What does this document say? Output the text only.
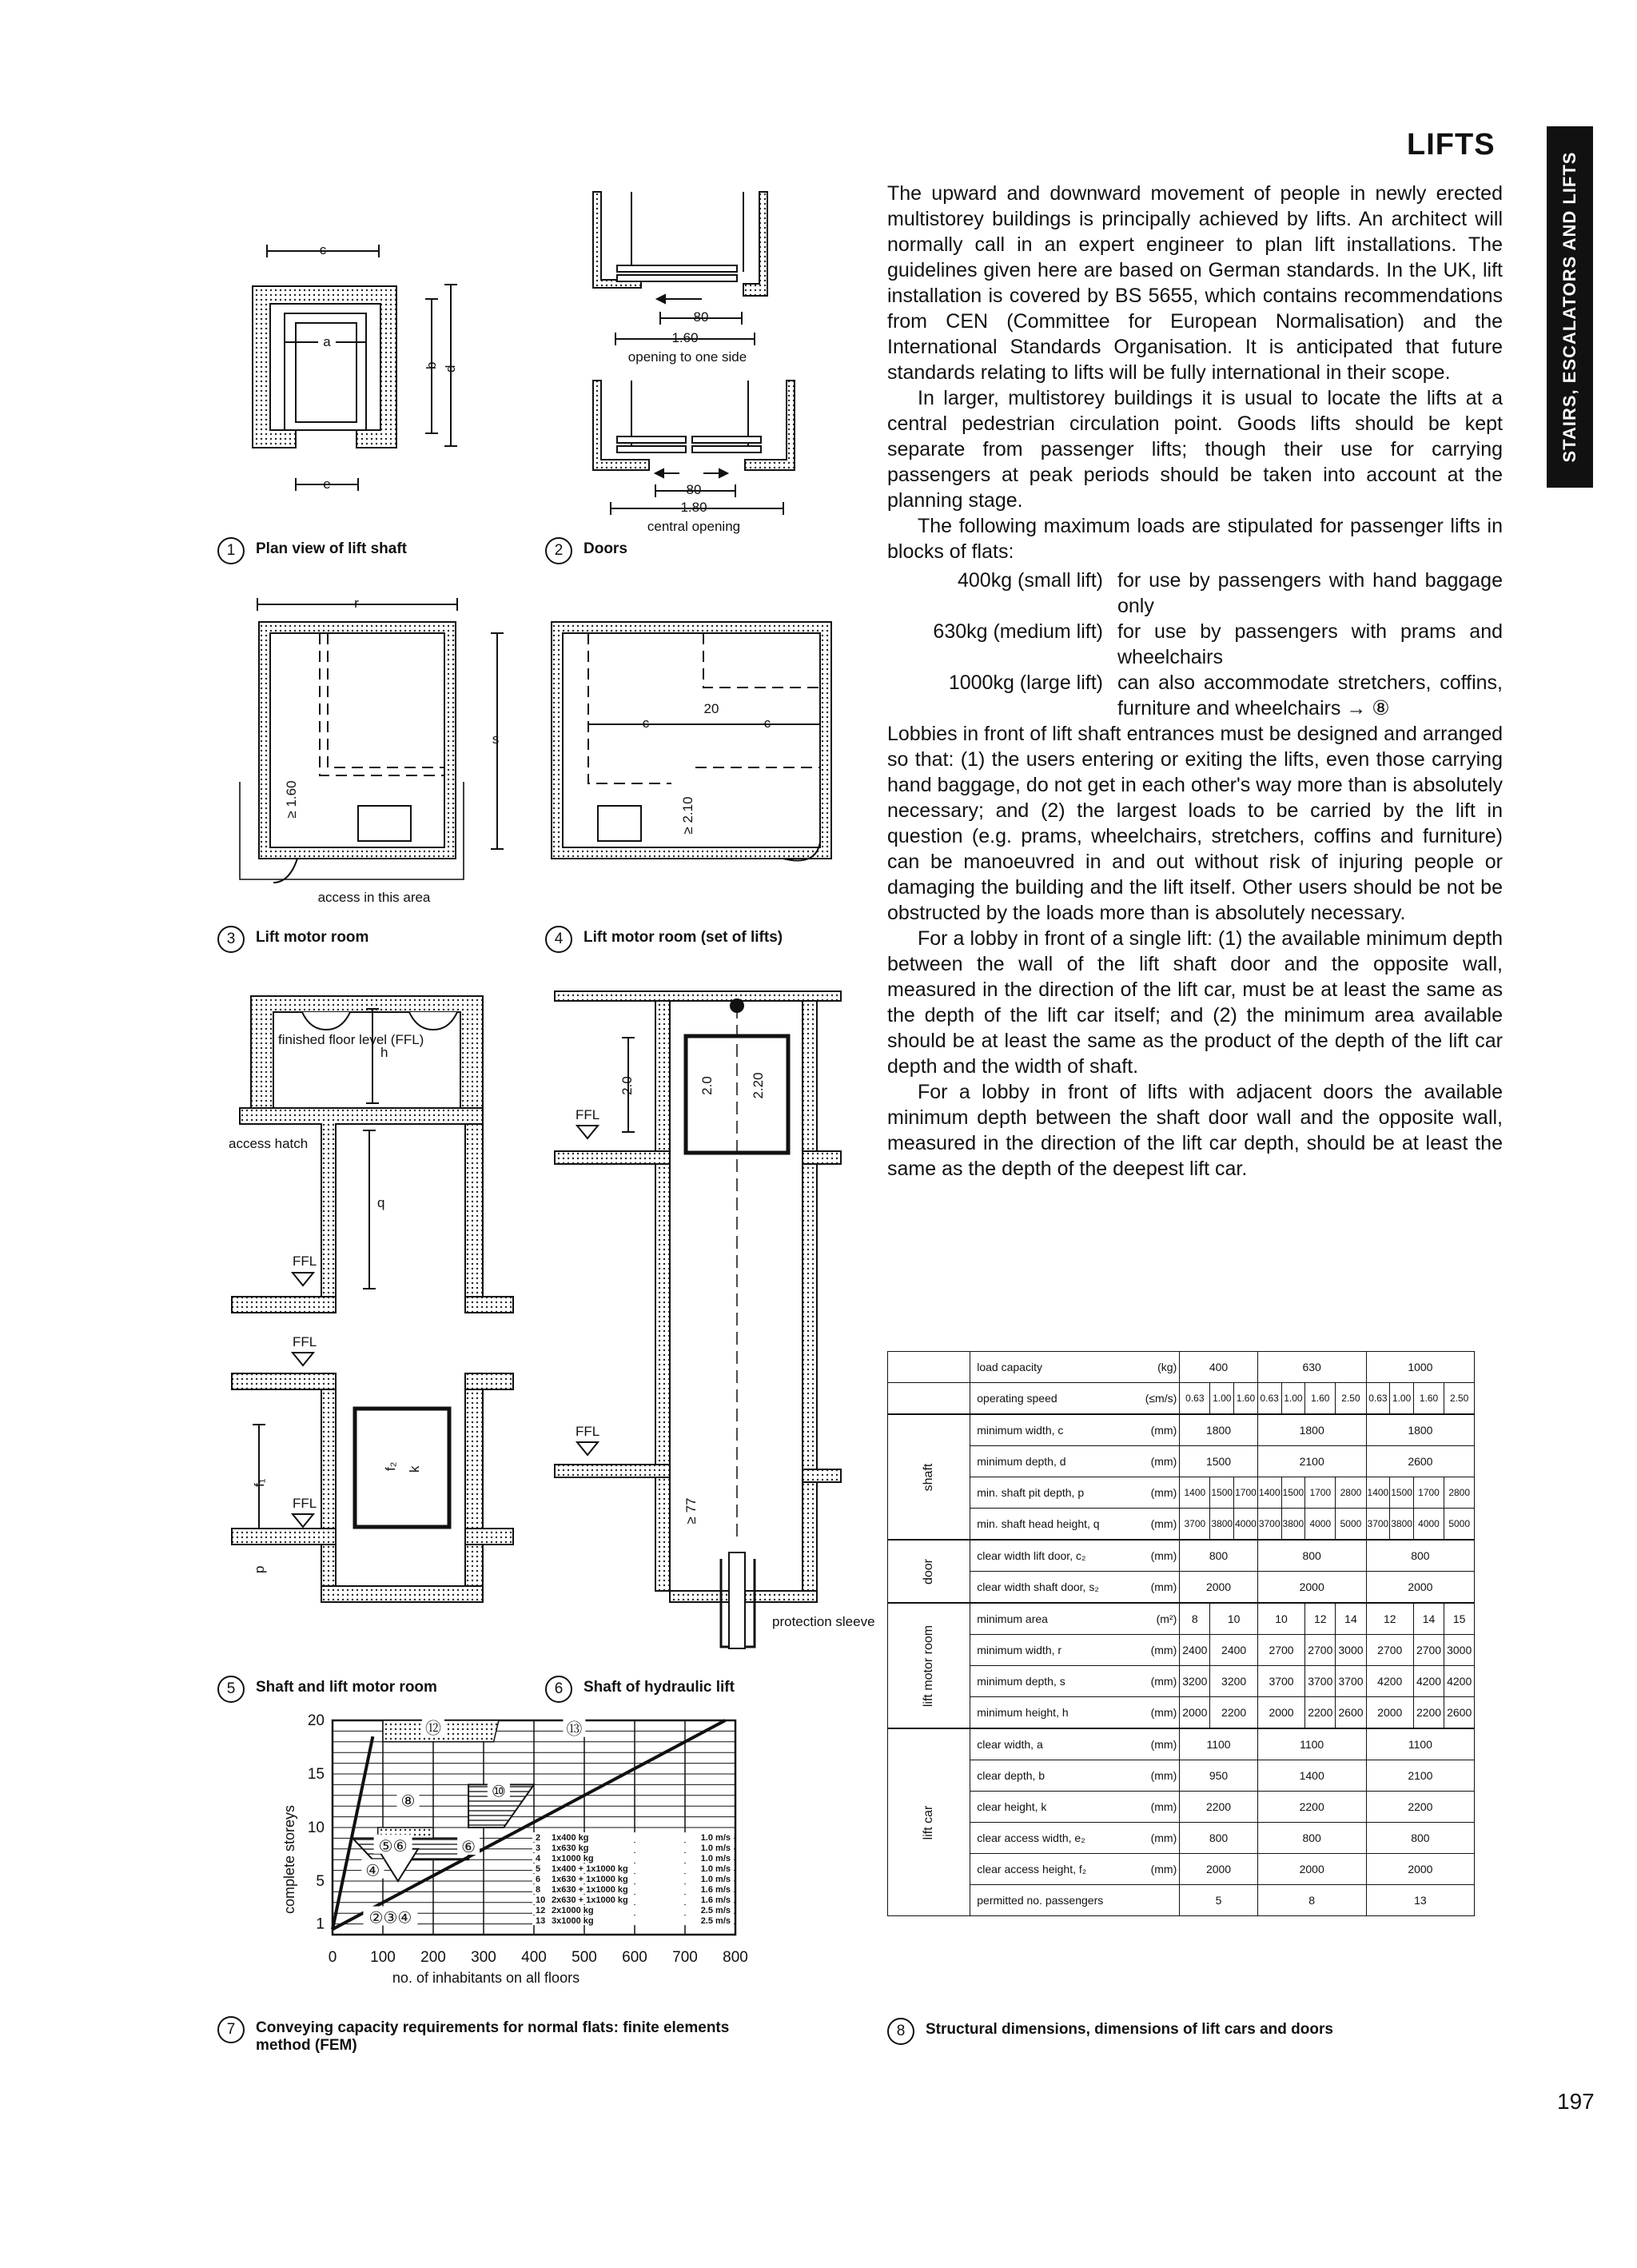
LIFTS
STAIRS, ESCALATORS AND LIFTS

The upward and downward movement of people in newly erected multistorey buildings is principally achieved by lifts. An architect will normally call in an expert engineer to plan lift installations. The guidelines given here are based on German standards. In the UK, lift installation is covered by BS 5655, which contains recommendations from CEN (Committee for European Normalisation) and the International Standards Organisation. It is anticipated that future standards relating to lifts will be fully international in their scope.

In larger, multistorey buildings it is usual to locate the lifts at a central pedestrian circulation point. Goods lifts should be kept separate from passenger lifts; though their use for carrying passengers at peak periods should be taken into account at the planning stage.

The following maximum loads are stipulated for passenger lifts in blocks of flats:

400kg (small lift) for use by passengers with hand baggage only
630kg (medium lift) for use by passengers with prams and wheelchairs
1000kg (large lift) can also accommodate stretchers, coffins, furniture and wheelchairs → ⑧

Lobbies in front of lift shaft entrances must be designed and arranged so that: (1) the users entering or exiting the lifts, even those carrying hand baggage, do not get in each other's way more than is absolutely necessary; and (2) the largest loads to be carried by the lift in question (e.g. prams, wheelchairs, stretchers, coffins and furniture) can be manoeuvred in and out without risk of injuring people or damaging the building and the lift itself. Other users should be not be obstructed by the loads more than is absolutely necessary.

For a lobby in front of a single lift: (1) the available minimum depth between the wall of the lift shaft door and the opposite wall, measured in the direction of the lift car, must be at least the same as the depth of the lift car itself; and (2) the minimum area available should be at least the same as the product of the depth of the lift car depth and the width of shaft.

For a lobby in front of lifts with adjacent doors the available minimum depth between the shaft door wall and the opposite wall, measured in the direction of the lift car depth, should be at least the same as the depth of the deepest lift car.

c
a
b d
e
80
1.60
opening to one side
80
1.80
central opening
r
s
≥ 1.60
access in this area
c	c
20
≥ 2.10
finished floor level (FFL)
h
access hatch
q
FFL
FFL
f₂ k
f₁
FFL
p
2.0	2.0	2.20
FFL
FFL
≥ 77
protection sleeve
0 100 200 300 400 500 600 700 800
1
5
10
15
20
no. of inhabitants on all floors
complete storeys
⑫	⑬
⑩
⑧
⑤⑥	⑥
④
②③④
2 1x400 kg	1.0 m/s
3 1x630 kg	1.0 m/s
4 1x1000 kg	1.0 m/s
5 1x400 + 1x1000 kg	1.0 m/s
6 1x630 + 1x1000 kg	1.0 m/s
8 1x630 + 1x1000 kg	1.6 m/s
10 2x630 + 1x1000 kg	1.6 m/s
12 2x1000 kg	2.5 m/s
13 3x1000 kg	2.5 m/s
1	Plan view of lift shaft	2	Doors
3	Lift motor room	4	Lift motor room (set of lifts)
5	Shaft and lift motor room	6	Shaft of hydraulic lift
7	Conveying capacity requirements for normal flats: finite elements method (FEM)
	load capacity (kg)	400			630				1000			
	operating speed (≤m/s)	0.63	1.00	1.60	0.63	1.00	1.60	2.50	0.63	1.00	1.60	2.50

shaft	minimum width, c (mm)	1800			1800				1800			
	minimum depth, d (mm)	1500			2100				2600			
	min. shaft pit depth, p (mm)	1400	1500	1700	1400	1500	1700	2800	1400	1500	1700	2800
	min. shaft head height, q (mm)	3700	3800	4000	3700	3800	4000	5000	3700	3800	4000	5000

door	clear width lift door, c₂ (mm)	800			800				800			
	clear width shaft door, s₂ (mm)	2000			2000				2000			

lift motor room	minimum area (m²)	8	10		10		12	14	12		14	15
	minimum width, r (mm)	2400	2400		2700		2700	3000	2700		2700	3000
	minimum depth, s (mm)	3200	3200		3700		3700	3700	4200		4200	4200
	minimum height, h (mm)	2000	2200		2000		2200	2600	2000		2200	2600

lift car	clear width, a (mm)	1100			1100				1100			
	clear depth, b (mm)	950			1400				2100			
	clear height, k (mm)	2200			2200				2200			
	clear access width, e₂ (mm)	800			800				800			
	clear access height, f₂ (mm)	2000			2000				2000			
	permitted no. passengers	5			8				13			
8	Structural dimensions, dimensions of lift cars and doors
197
